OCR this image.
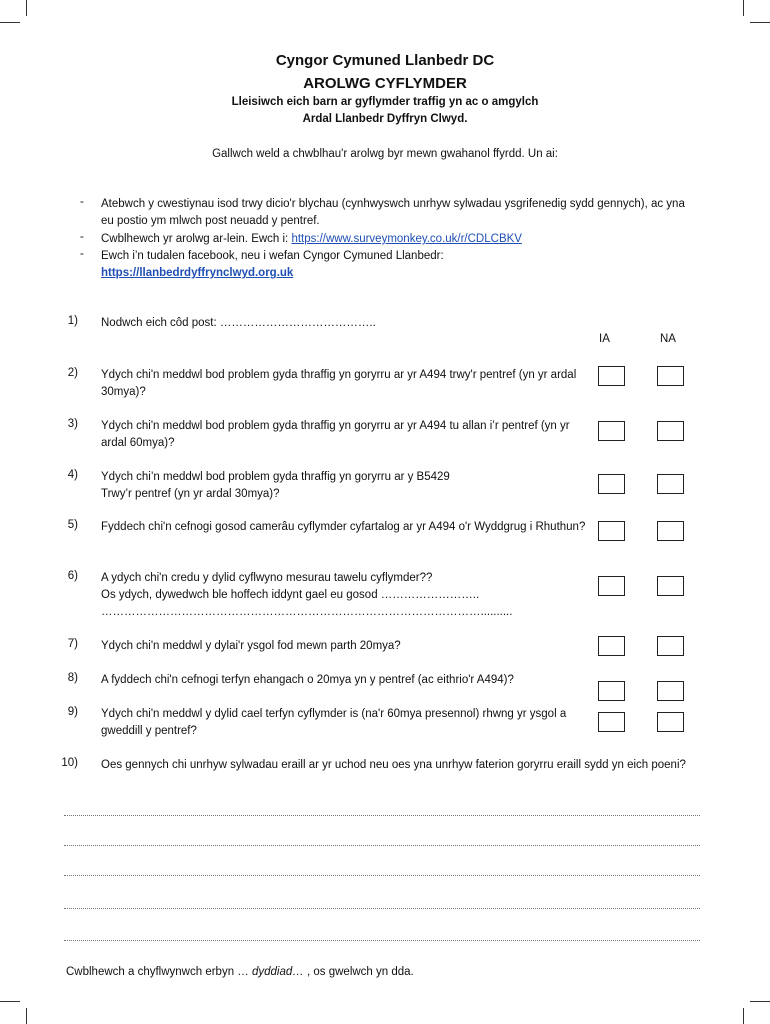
Cyngor Cymuned Llanbedr DC
AROLWG CYFLYMDER
Lleisiwch eich barn ar gyflymder traffig yn ac o amgylch
Ardal Llanbedr Dyffryn Clwyd.
Gallwch weld a chwblhau'r arolwg byr mewn gwahanol ffyrdd. Un ai:
- Atebwch y cwestiynau isod trwy dicio'r blychau (cynhwyswch unrhyw sylwadau ysgrifenedig sydd gennych), ac yna eu postio ym mlwch post neuadd y pentref.
- Cwblhewch yr arolwg ar-lein. Ewch i: https://www.surveymonkey.co.uk/r/CDLCBKV
- Ewch i’n tudalen facebook, neu i wefan Cyngor Cymuned Llanbedr:
https://llanbedrdyffrynclwyd.org.uk
1) Nodwch eich côd post: …………………………………..
IA	NA
2) Ydych chi'n meddwl bod problem gyda thraffig yn goryrru ar yr A494 trwy'r pentref (yn yr ardal 30mya)?
3) Ydych chi'n meddwl bod problem gyda thraffig yn goryrru ar yr A494 tu allan i’r pentref (yn yr ardal 60mya)?
4) Ydych chi’n meddwl bod problem gyda thraffig yn goryrru ar y B5429
Trwy’r pentref (yn yr ardal 30mya)?
5) Fyddech chi'n cefnogi gosod camerâu cyflymder cyfartalog ar yr A494 o'r Wyddgrug i Rhuthun?
6) A ydych chi'n credu y dylid cyflwyno mesurau tawelu cyflymder??
Os ydych, dywedwch ble hoffech iddynt gael eu gosod ……………………..
………………………………………………………………………………………..........
7) Ydych chi'n meddwl y dylai'r ysgol fod mewn parth 20mya?
8) A fyddech chi'n cefnogi terfyn ehangach o 20mya yn y pentref (ac eithrio'r A494)?
9) Ydych chi'n meddwl y dylid cael terfyn cyflymder is (na'r 60mya presennol) rhwng yr ysgol a gweddill y pentref?
10) Oes gennych chi unrhyw sylwadau eraill ar yr uchod neu oes yna unrhyw faterion goryrru eraill sydd yn eich poeni?
Cwblhewch a chyflwynwch erbyn … dyddiad… , os gwelwch yn dda.
